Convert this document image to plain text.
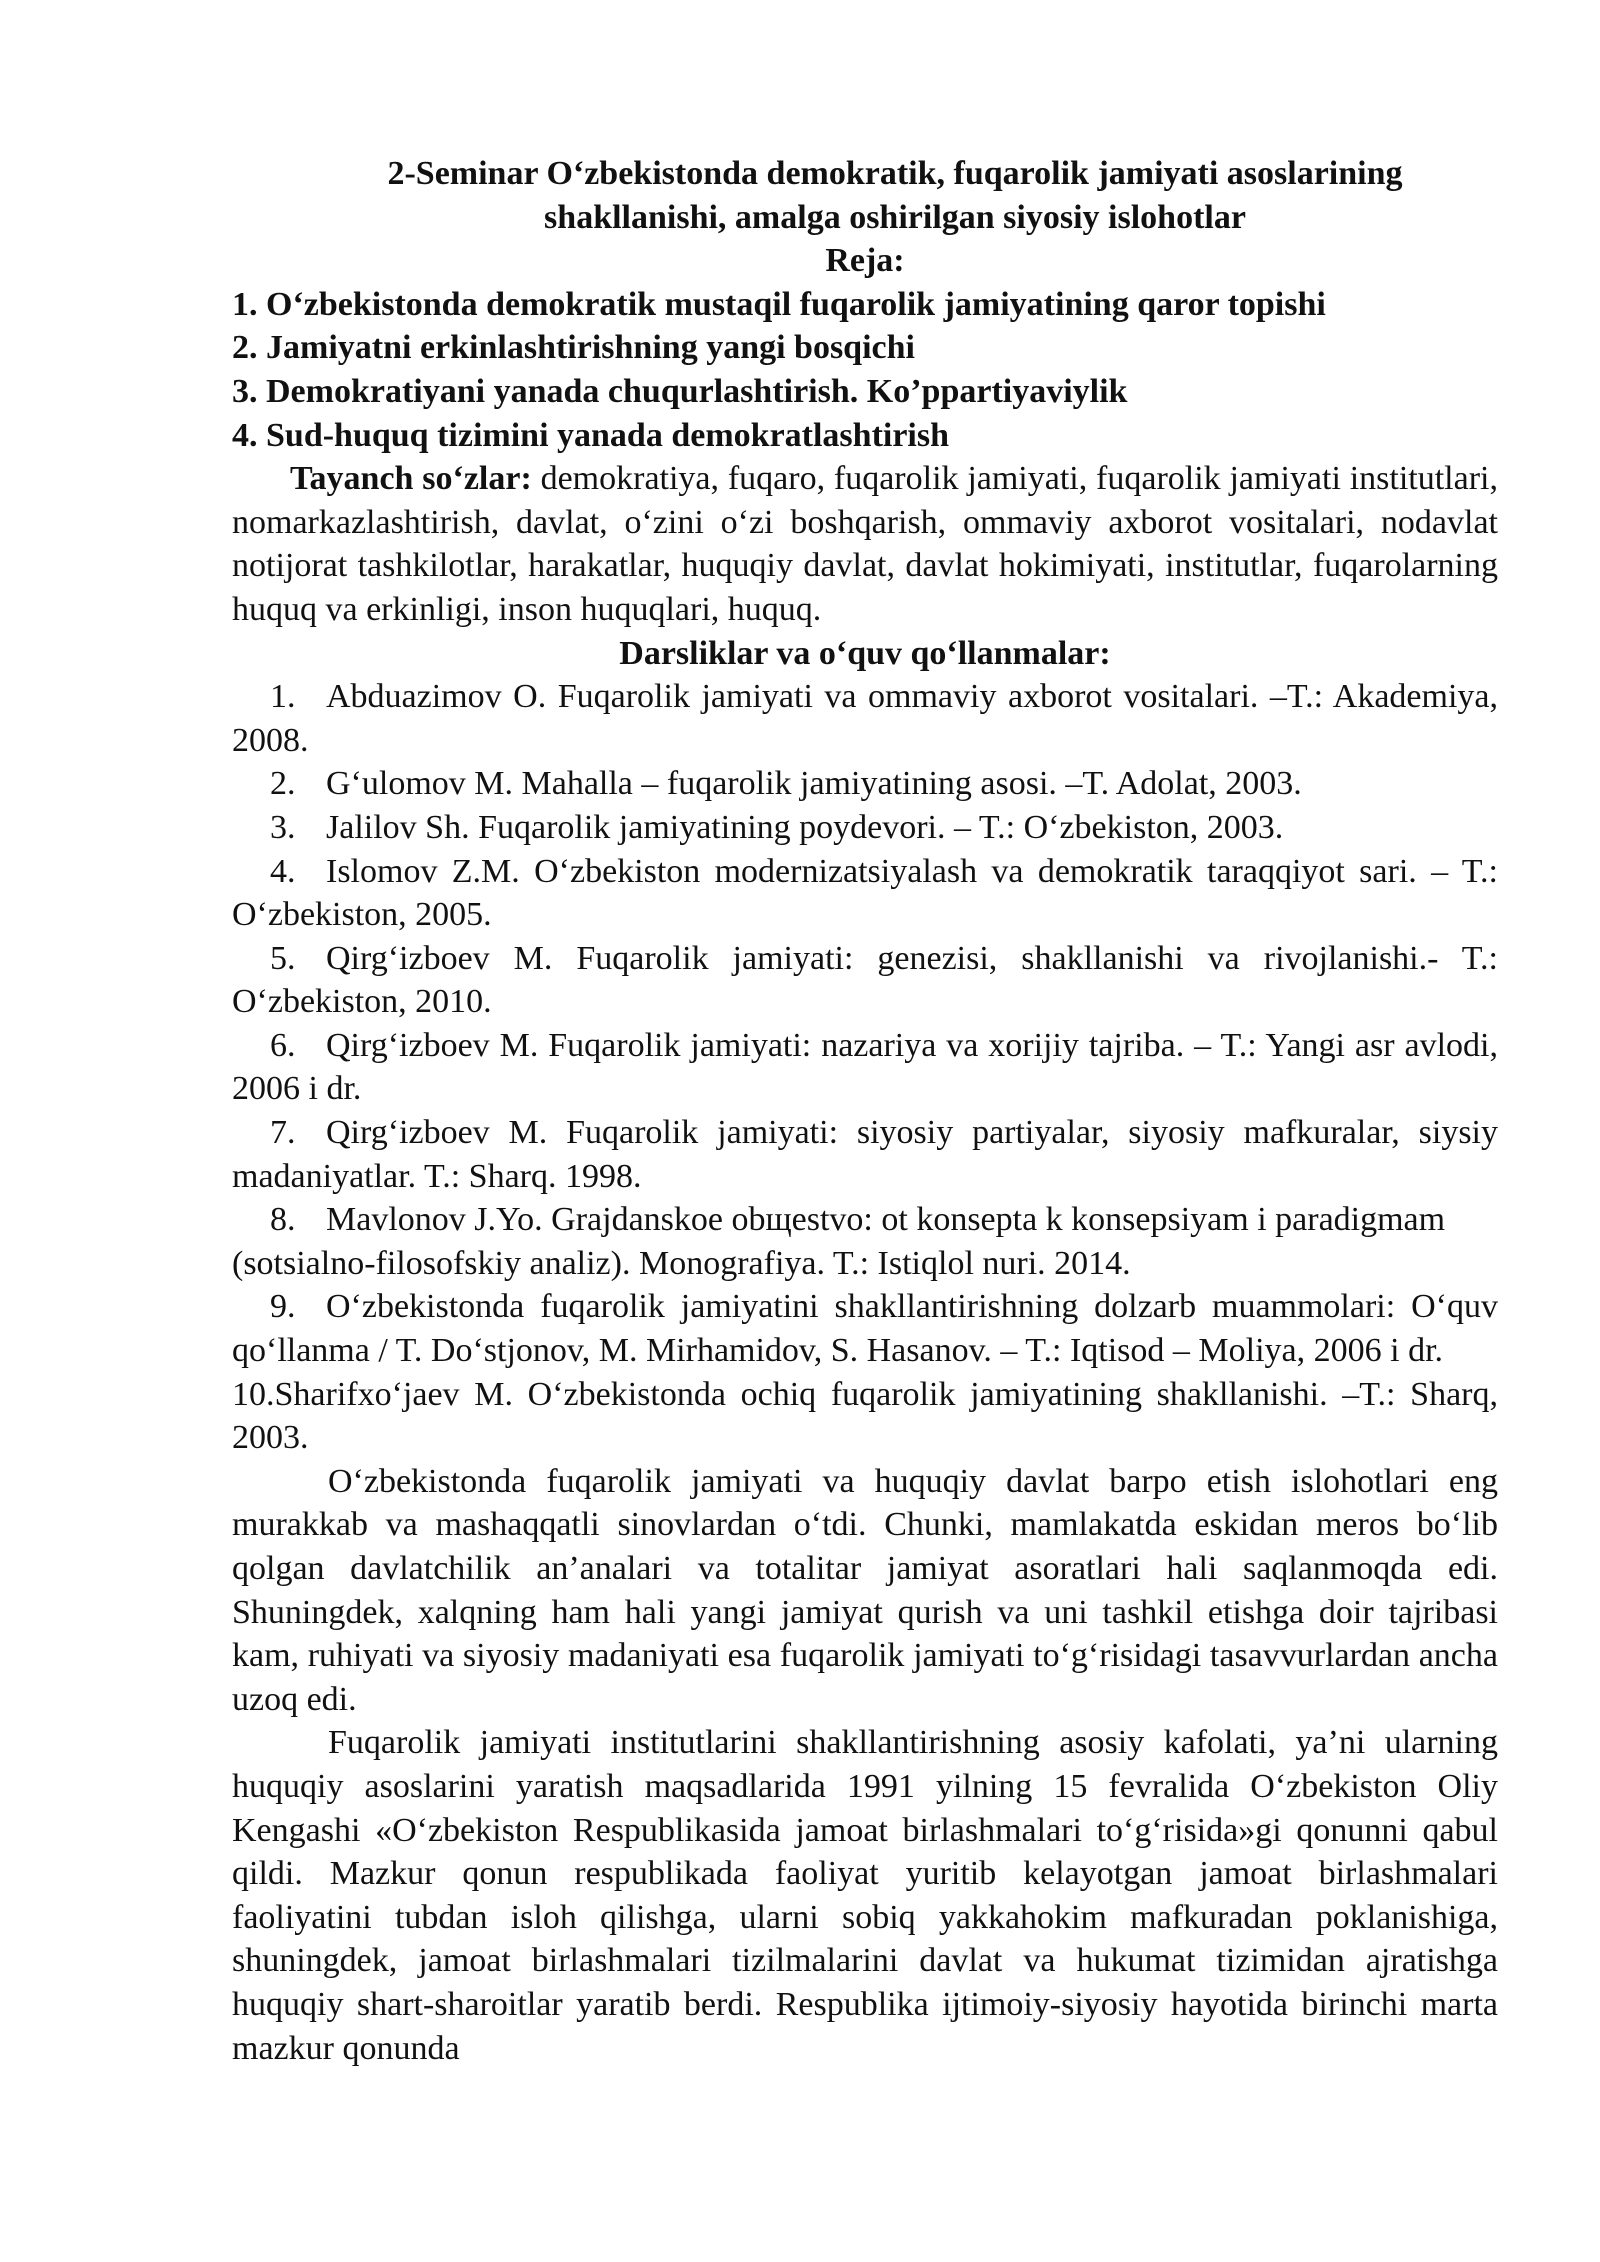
2-Seminar O‘zbekistonda demokratik, fuqarolik jamiyati asoslarining
shakllanishi, amalga oshirilgan siyosiy islohotlar

Reja:

1. O‘zbekistonda demokratik mustaqil fuqarolik jamiyatining qaror topishi

2. Jamiyatni erkinlashtirishning yangi bosqichi

3. Demokratiyani yanada chuqurlashtirish. Ko’ppartiyaviylik

4. Sud-huquq tizimini yanada demokratlashtirish

Tayanch so‘zlar: demokratiya, fuqaro, fuqarolik jamiyati, fuqarolik jamiyati institutlari, nomarkazlashtirish, davlat, o‘zini o‘zi boshqarish, ommaviy axborot vositalari, nodavlat notijorat tashkilotlar, harakatlar, huquqiy davlat, davlat hokimiyati, institutlar, fuqarolarning huquq va erkinligi, inson huquqlari, huquq.

Darsliklar va o‘quv qo‘llanmalar:

1. Abduazimov O. Fuqarolik jamiyati va ommaviy axborot vositalari. –T.: Akademiya, 2008.

2. G‘ulomov M. Mahalla – fuqarolik jamiyatining asosi. –T. Adolat, 2003.

3. Jalilov Sh. Fuqarolik jamiyatining poydevori. – T.: O‘zbekiston, 2003.

4. Islomov Z.M. O‘zbekiston modernizatsiyalash va demokratik taraqqiyot sari. – T.: O‘zbekiston, 2005.

5. Qirg‘izboev M. Fuqarolik jamiyati: genezisi, shakllanishi va rivojlanishi.- T.: O‘zbekiston, 2010.

6. Qirg‘izboev M. Fuqarolik jamiyati: nazariya va xorijiy tajriba. – T.: Yangi asr avlodi, 2006 i dr.

7. Qirg‘izboev M. Fuqarolik jamiyati: siyosiy partiyalar, siyosiy mafkuralar, siysiy madaniyatlar. T.: Sharq. 1998.

8. Mavlonov J.Yo. Grajdanskoe obщestvo: ot konsepta k konsepsiyam i paradigmam (sotsialno-filosofskiy analiz). Monografiya. T.: Istiqlol nuri. 2014.

9. O‘zbekistonda fuqarolik jamiyatini shakllantirishning dolzarb muammolari: O‘quv qo‘llanma / T. Do‘stjonov, M. Mirhamidov, S. Hasanov. – T.: Iqtisod – Moliya, 2006 i dr.

10.Sharifxo‘jaev M. O‘zbekistonda ochiq fuqarolik jamiyatining shakllanishi. –T.: Sharq, 2003.

O‘zbekistonda fuqarolik jamiyati va huquqiy davlat barpo etish islohotlari eng murakkab va mashaqqatli sinovlardan o‘tdi. Chunki, mamlakatda eskidan meros bo‘lib qolgan davlatchilik an’analari va totalitar jamiyat asoratlari hali saqlanmoqda edi. Shuningdek, xalqning ham hali yangi jamiyat qurish va uni tashkil etishga doir tajribasi kam, ruhiyati va siyosiy madaniyati esa fuqarolik jamiyati to‘g‘risidagi tasavvurlardan ancha uzoq edi.

Fuqarolik jamiyati institutlarini shakllantirishning asosiy kafolati, ya’ni ularning huquqiy asoslarini yaratish maqsadlarida 1991 yilning 15 fevralida O‘zbekiston Oliy Kengashi «O‘zbekiston Respublikasida jamoat birlashmalari to‘g‘risida»gi qonunni qabul qildi. Mazkur qonun respublikada faoliyat yuritib kelayotgan jamoat birlashmalari faoliyatini tubdan isloh qilishga, ularni sobiq yakkahokim mafkuradan poklanishiga, shuningdek, jamoat birlashmalari tizilmalarini davlat va hukumat tizimidan ajratishga huquqiy shart-sharoitlar yaratib berdi. Respublika ijtimoiy-siyosiy hayotida birinchi marta mazkur qonunda
